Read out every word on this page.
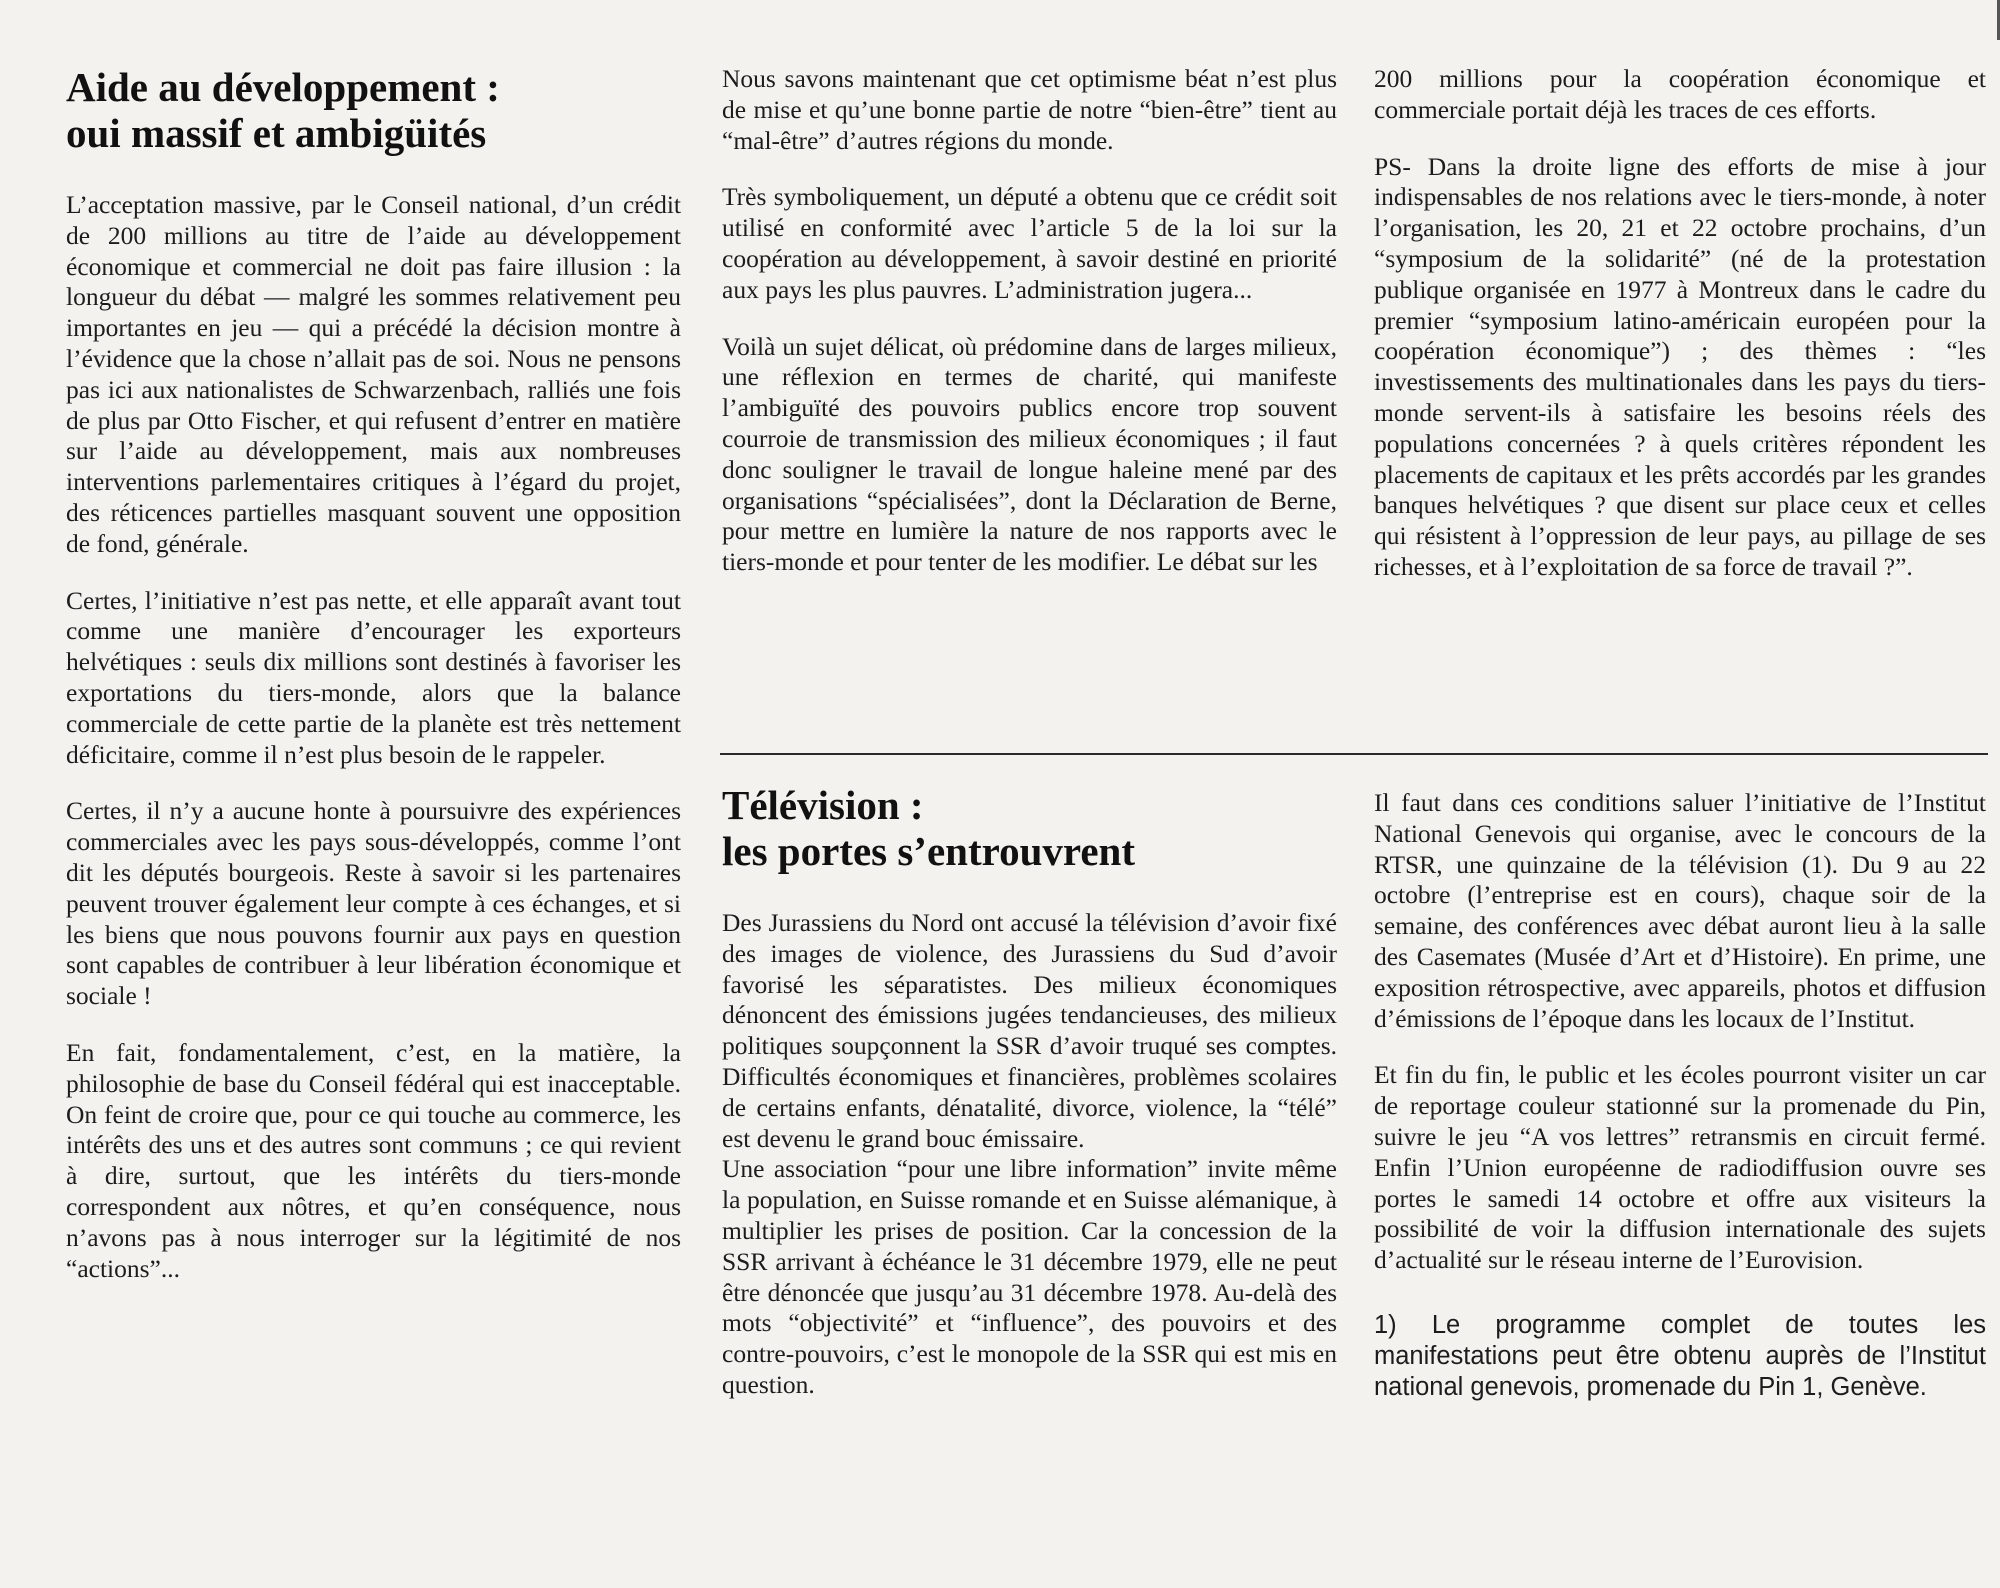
Aide au développement :
oui massif et ambigüités

L’acceptation massive, par le Conseil national, d’un crédit de 200 millions au titre de l’aide au développement économique et commercial ne doit pas faire illusion : la longueur du débat — malgré les sommes relativement peu importantes en jeu — qui a précédé la décision montre à l’évidence que la chose n’allait pas de soi. Nous ne pensons pas ici aux nationalistes de Schwarzenbach, ralliés une fois de plus par Otto Fischer, et qui refusent d’entrer en matière sur l’aide au développement, mais aux nombreuses interventions parlementaires critiques à l’égard du projet, des réticences partielles masquant souvent une opposition de fond, générale.

Certes, l’initiative n’est pas nette, et elle apparaît avant tout comme une manière d’encourager les exporteurs helvétiques : seuls dix millions sont destinés à favoriser les exportations du tiers-monde, alors que la balance commerciale de cette partie de la planète est très nettement déficitaire, comme il n’est plus besoin de le rappeler.

Certes, il n’y a aucune honte à poursuivre des expériences commerciales avec les pays sous-développés, comme l’ont dit les députés bourgeois. Reste à savoir si les partenaires peuvent trouver également leur compte à ces échanges, et si les biens que nous pouvons fournir aux pays en question sont capables de contribuer à leur libération économique et sociale !

En fait, fondamentalement, c’est, en la matière, la philosophie de base du Conseil fédéral qui est inacceptable. On feint de croire que, pour ce qui touche au commerce, les intérêts des uns et des autres sont communs ; ce qui revient à dire, surtout, que les intérêts du tiers-monde correspondent aux nôtres, et qu’en conséquence, nous n’avons pas à nous interroger sur la légitimité de nos “actions”...

Nous savons maintenant que cet optimisme béat n’est plus de mise et qu’une bonne partie de notre “bien-être” tient au “mal-être” d’autres régions du monde.

Très symboliquement, un député a obtenu que ce crédit soit utilisé en conformité avec l’article 5 de la loi sur la coopération au développement, à savoir destiné en priorité aux pays les plus pauvres. L’administration jugera...

Voilà un sujet délicat, où prédomine dans de larges milieux, une réflexion en termes de charité, qui manifeste l’ambiguïté des pouvoirs publics encore trop souvent courroie de transmission des milieux économiques ; il faut donc souligner le travail de longue haleine mené par des organisations “spécialisées”, dont la Déclaration de Berne, pour mettre en lumière la nature de nos rapports avec le tiers-monde et pour tenter de les modifier. Le débat sur les

200 millions pour la coopération économique et commerciale portait déjà les traces de ces efforts.

PS- Dans la droite ligne des efforts de mise à jour indispensables de nos relations avec le tiers-monde, à noter l’organisation, les 20, 21 et 22 octobre prochains, d’un “symposium de la solidarité” (né de la protestation publique organisée en 1977 à Montreux dans le cadre du premier “symposium latino-américain européen pour la coopération économique”) ; des thèmes : “les investissements des multinationales dans les pays du tiers-monde servent-ils à satisfaire les besoins réels des populations concernées ? à quels critères répondent les placements de capitaux et les prêts accordés par les grandes banques helvétiques ? que disent sur place ceux et celles qui résistent à l’oppression de leur pays, au pillage de ses richesses, et à l’exploitation de sa force de travail ?”.

Télévision :
les portes s’entrouvrent

Des Jurassiens du Nord ont accusé la télévision d’avoir fixé des images de violence, des Jurassiens du Sud d’avoir favorisé les séparatistes. Des milieux économiques dénoncent des émissions jugées tendancieuses, des milieux politiques soupçonnent la SSR d’avoir truqué ses comptes. Difficultés économiques et financières, problèmes scolaires de certains enfants, dénatalité, divorce, violence, la “télé” est devenu le grand bouc émissaire.

Une association “pour une libre information” invite même la population, en Suisse romande et en Suisse alémanique, à multiplier les prises de position. Car la concession de la SSR arrivant à échéance le 31 décembre 1979, elle ne peut être dénoncée que jusqu’au 31 décembre 1978. Au-delà des mots “objectivité” et “influence”, des pouvoirs et des contre-pouvoirs, c’est le monopole de la SSR qui est mis en question.

Il faut dans ces conditions saluer l’initiative de l’Institut National Genevois qui organise, avec le concours de la RTSR, une quinzaine de la télévision (1). Du 9 au 22 octobre (l’entreprise est en cours), chaque soir de la semaine, des conférences avec débat auront lieu à la salle des Casemates (Musée d’Art et d’Histoire). En prime, une exposition rétrospective, avec appareils, photos et diffusion d’émissions de l’époque dans les locaux de l’Institut.

Et fin du fin, le public et les écoles pourront visiter un car de reportage couleur stationné sur la promenade du Pin, suivre le jeu “A vos lettres” retransmis en circuit fermé. Enfin l’Union européenne de radiodiffusion ouvre ses portes le samedi 14 octobre et offre aux visiteurs la possibilité de voir la diffusion internationale des sujets d’actualité sur le réseau interne de l’Eurovision.

1) Le programme complet de toutes les manifestations peut être obtenu auprès de l’Institut national genevois, promenade du Pin 1, Genève.
